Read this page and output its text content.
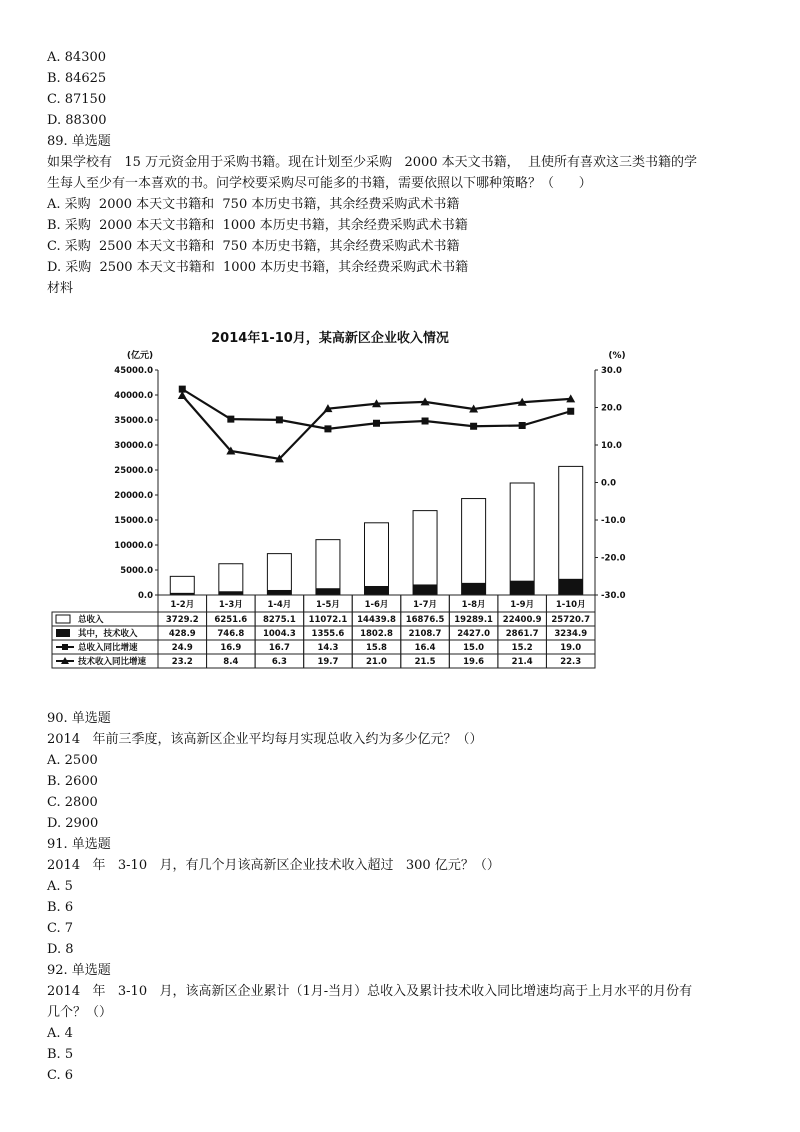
A. 84300
B. 84625
C. 87150
D. 88300
89. 单选题
如果学校有   15 万元资金用于采购书籍。现在计划至少采购   2000 本天文书籍，  且使所有喜欢这三类书籍的学
生每人至少有一本喜欢的书。问学校要采购尽可能多的书籍，需要依照以下哪种策略？（      ）
A. 采购  2000 本天文书籍和  750 本历史书籍，其余经费采购武术书籍
B. 采购  2000 本天文书籍和  1000 本历史书籍，其余经费采购武术书籍
C. 采购  2500 本天文书籍和  750 本历史书籍，其余经费采购武术书籍
D. 采购  2500 本天文书籍和  1000 本历史书籍，其余经费采购武术书籍
材料
2014年1-10月，某高新区企业收入情况
(亿元)	(%)
45000.0
40000.0
35000.0
30000.0
25000.0
20000.0
15000.0
10000.0
5000.0
0.0
30.0
20.0
10.0
0.0
-10.0
-20.0
-30.0
1-2月	1-3月	1-4月	1-5月	1-6月	1-7月	1-8月	1-9月	1-10月
总收入	3729.2 6251.6 8275.1 11072.1 14439.8 16876.5 19289.1 22400.9 25720.7
其中，技术收入	428.9	746.8 1004.3 1355.6 1802.8 2108.7 2427.0 2861.7 3234.9
总收入同比增速	24.9	16.9	16.7	14.3	15.8	16.4	15.0	15.2	19.0
技术收入同比增速	23.2	8.4	6.3	19.7	21.0	21.5	19.6	21.4	22.3
90. 单选题
2014   年前三季度，该高新区企业平均每月实现总收入约为多少亿元？（）
A. 2500
B. 2600
C. 2800
D. 2900
91. 单选题
2014   年   3-10   月，有几个月该高新区企业技术收入超过   300 亿元？（）
A. 5
B. 6
C. 7
D. 8
92. 单选题
2014   年   3-10   月，该高新区企业累计（1月-当月）总收入及累计技术收入同比增速均高于上月水平的月份有
几个？（）
A. 4
B. 5
C. 6
